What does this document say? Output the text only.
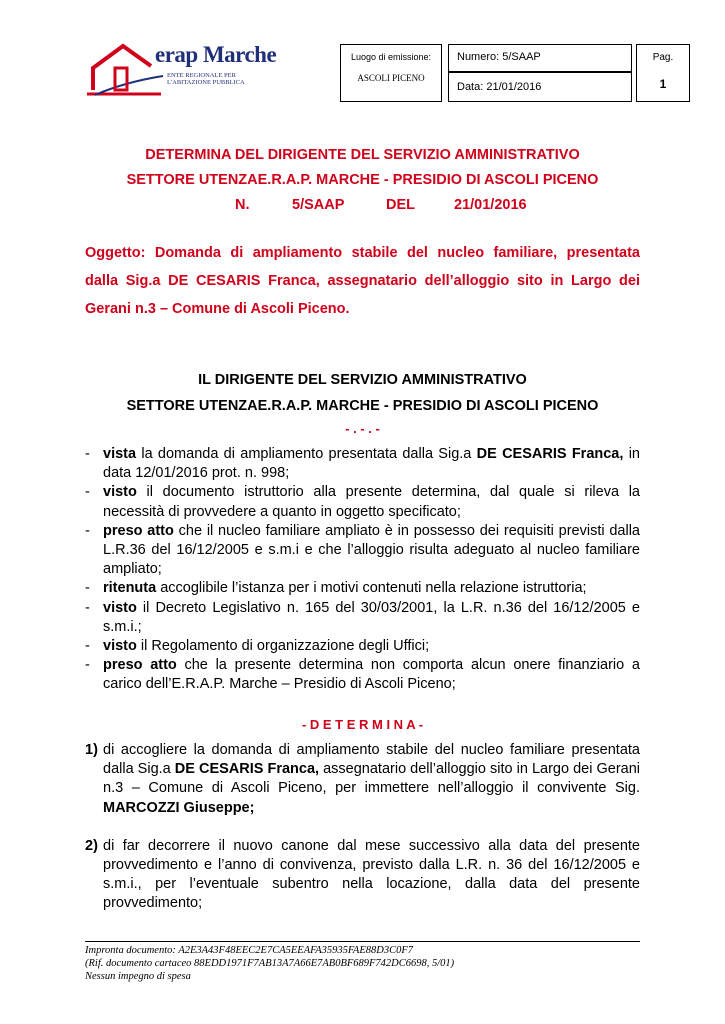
erap Marche
ENTE REGIONALE PER
L'ABITAZIONE PUBBLICA
Luogo di emissione:
ASCOLI PICENO
Numero: 5/SAAP
Data: 21/01/2016
Pag.
1
DETERMINA DEL DIRIGENTE DEL SERVIZIO AMMINISTRATIVO
SETTORE UTENZAE.R.A.P. MARCHE - PRESIDIO DI ASCOLI PICENO
N.	5/SAAP	DEL	21/01/2016
Oggetto: Domanda di ampliamento stabile del nucleo familiare, presentata
dalla Sig.a DE CESARIS Franca, assegnatario dell’alloggio sito in Largo dei
Gerani n.3 – Comune di Ascoli Piceno.
IL DIRIGENTE DEL SERVIZIO AMMINISTRATIVO
SETTORE UTENZAE.R.A.P. MARCHE - PRESIDIO DI ASCOLI PICENO
- . - . -
- vista la domanda di ampliamento presentata dalla Sig.a DE CESARIS Franca, in data 12/01/2016 prot. n. 998;
- visto il documento istruttorio alla presente determina, dal quale si rileva la necessità di provvedere a quanto in oggetto specificato;
- preso atto che il nucleo familiare ampliato è in possesso dei requisiti previsti dalla L.R.36 del 16/12/2005 e s.m.i e che l’alloggio risulta adeguato al nucleo familiare ampliato;
- ritenuta accoglibile l’istanza per i motivi contenuti nella relazione istruttoria;
- visto il Decreto Legislativo n. 165 del 30/03/2001, la L.R. n.36 del 16/12/2005 e s.m.i.;
- visto il Regolamento di organizzazione degli Uffici;
- preso atto che la presente determina non comporta alcun onere finanziario a carico dell’E.R.A.P. Marche – Presidio di Ascoli Piceno;
- D E T E R M I N A -
1) di accogliere la domanda di ampliamento stabile del nucleo familiare presentata dalla Sig.a DE CESARIS Franca, assegnatario dell’alloggio sito in Largo dei Gerani n.3 – Comune di Ascoli Piceno, per immettere nell’alloggio il convivente Sig. MARCOZZI Giuseppe;
2) di far decorrere il nuovo canone dal mese successivo alla data del presente provvedimento e l’anno di convivenza, previsto dalla L.R. n. 36 del 16/12/2005 e s.m.i., per l’eventuale subentro nella locazione, dalla data del presente provvedimento;
Impronta documento: A2E3A43F48EEC2E7CA5EEAFA35935FAE88D3C0F7
(Rif. documento cartaceo 88EDD1971F7AB13A7A66E7AB0BF689F742DC6698, 5/01)
Nessun impegno di spesa
